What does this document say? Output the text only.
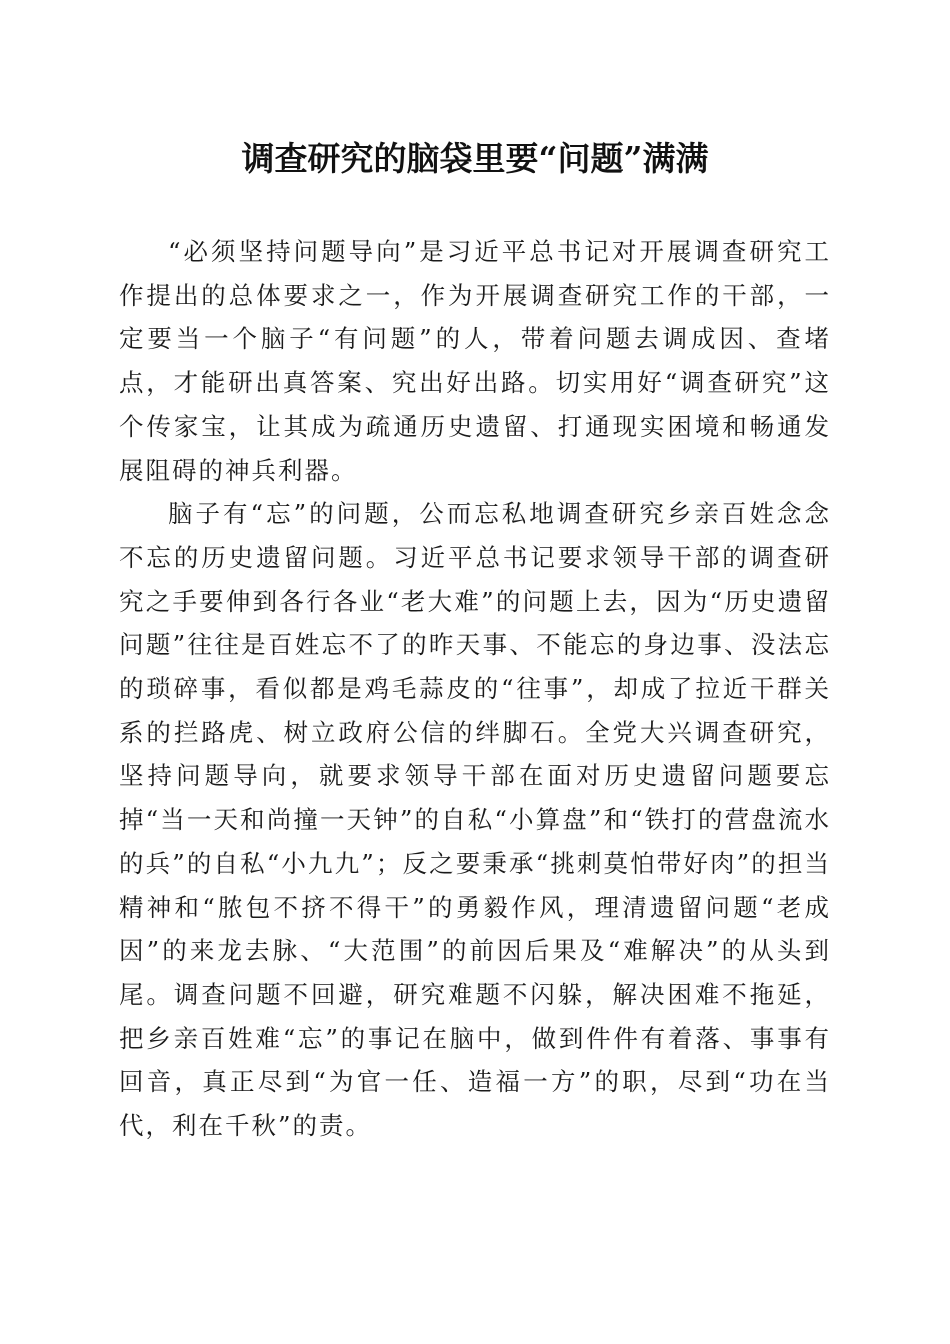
调查研究的脑袋里要“问题”满满

“必须坚持问题导向”是习近平总书记对开展调查研究工作提出的总体要求之一，作为开展调查研究工作的干部，一定要当一个脑子“有问题”的人，带着问题去调成因、查堵点，才能研出真答案、究出好出路。切实用好“调查研究”这个传家宝，让其成为疏通历史遗留、打通现实困境和畅通发展阻碍的神兵利器。

脑子有“忘”的问题，公而忘私地调查研究乡亲百姓念念不忘的历史遗留问题。习近平总书记要求领导干部的调查研究之手要伸到各行各业“老大难”的问题上去，因为“历史遗留问题”往往是百姓忘不了的昨天事、不能忘的身边事、没法忘的琐碎事，看似都是鸡毛蒜皮的“往事”，却成了拉近干群关系的拦路虎、树立政府公信的绊脚石。全党大兴调查研究，坚持问题导向，就要求领导干部在面对历史遗留问题要忘掉“当一天和尚撞一天钟”的自私“小算盘”和“铁打的营盘流水的兵”的自私“小九九”；反之要秉承“挑刺莫怕带好肉”的担当精神和“脓包不挤不得干”的勇毅作风，理清遗留问题“老成因”的来龙去脉、“大范围”的前因后果及“难解决”的从头到尾。调查问题不回避，研究难题不闪躲，解决困难不拖延，把乡亲百姓难“忘”的事记在脑中，做到件件有着落、事事有回音，真正尽到“为官一任、造福一方”的职，尽到“功在当代，利在千秋”的责。
